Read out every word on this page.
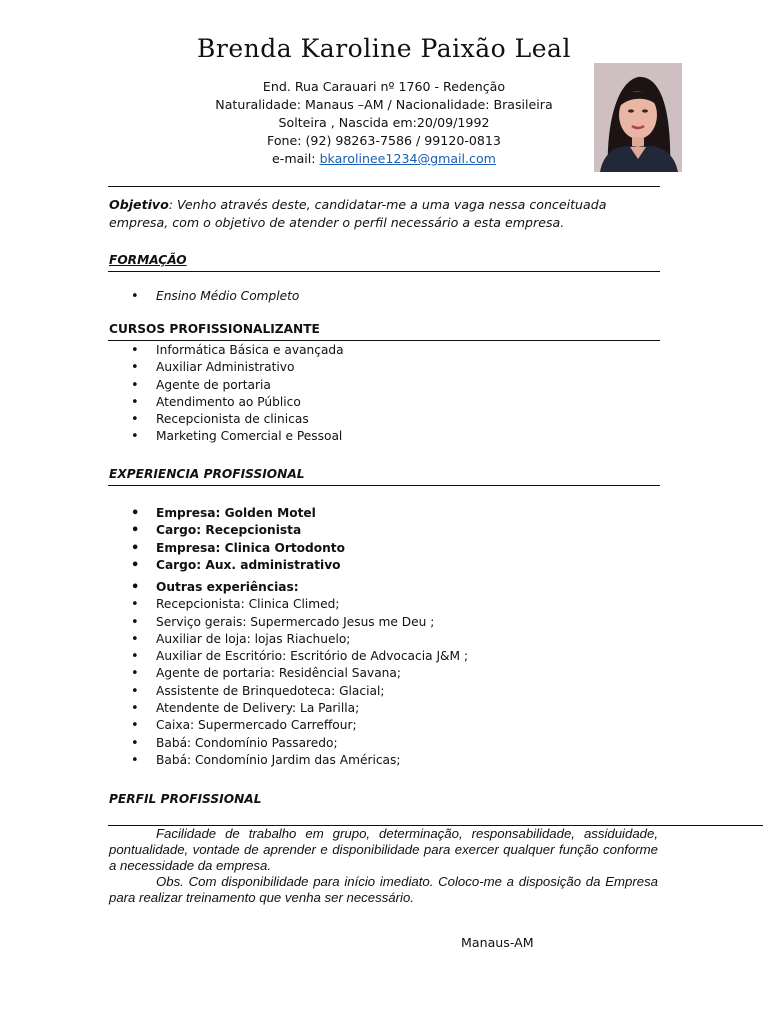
Brenda Karoline Paixão Leal
End. Rua Carauari nº 1760 - Redenção
Naturalidade: Manaus –AM / Nacionalidade: Brasileira
Solteira , Nascida em:20/09/1992
Fone: (92) 98263-7586 / 99120-0813
e-mail: bkarolinee1234@gmail.com
Objetivo: Venho através deste, candidatar-me a uma vaga nessa conceituada empresa, com o objetivo de atender o perfil necessário a esta empresa.
FORMAÇÃO
• Ensino Médio Completo
CURSOS PROFISSIONALIZANTE
• Informática Básica e avançada
• Auxiliar Administrativo
• Agente de portaria
• Atendimento ao Público
• Recepcionista de clinicas
• Marketing Comercial e Pessoal
EXPERIENCIA PROFISSIONAL
• Empresa: Golden Motel
• Cargo: Recepcionista
• Empresa: Clinica Ortodonto
• Cargo: Aux. administrativo
• Outras experiências:
• Recepcionista: Clinica Climed;
• Serviço gerais: Supermercado Jesus me Deu ;
• Auxiliar de loja: lojas Riachuelo;
• Auxiliar de Escritório: Escritório de Advocacia J&M ;
• Agente de portaria: Residêncial Savana;
• Assistente de Brinquedoteca: Glacial;
• Atendente de Delivery: La Parilla;
• Caixa: Supermercado Carreffour;
• Babá: Condomínio Passaredo;
• Babá: Condomínio Jardim das Américas;
PERFIL PROFISSIONAL

Facilidade de trabalho em grupo, determinação, responsabilidade, assiduidade, pontualidade, vontade de aprender e disponibilidade para exercer qualquer função conforme a necessidade da empresa.

Obs. Com disponibilidade para início imediato. Coloco-me a disposição da Empresa para realizar treinamento que venha ser necessário.

Manaus-AM
